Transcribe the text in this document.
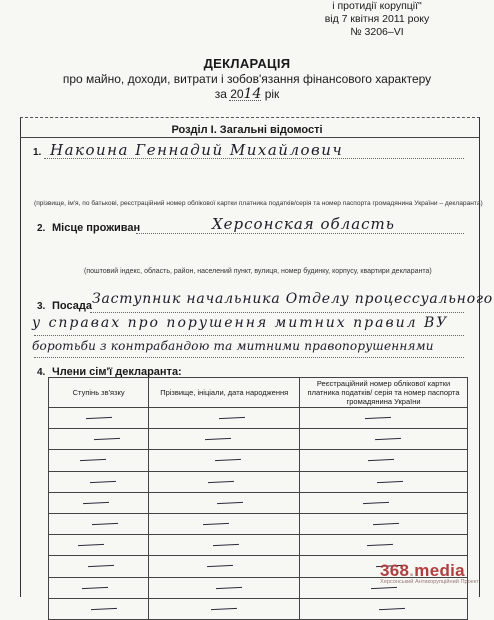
і протидії корупції"
від 7 квітня 2011 року
№ 3206–VI
ДЕКЛАРАЦІЯ
про майно, доходи, витрати і зобов'язання фінансового характеру
за 2014 рік
Розділ І. Загальні відомості
1. Накоина Геннадий Михайлович
(прізвище, ім'я, по батькові, реєстраційний номер облікової картки платника податків/серія та номер паспорта громадянина України – декларанта)
2. Місце проживан	Херсонская область
(поштовий індекс, область, район, населений пункт, вулиця, номер будинку, корпусу, квартири декларанта)
3. Посада Заступник начальника Отделу процессуального
у справах про порушення митних правил ВУ
боротьби з контрабандою та митними правопорушеннями
4. Члени сім'ї декларанта:
Ступінь зв'язку	Прізвище, ініціали, дата народження	Реєстраційний номер облікової картки платника податків/ серія та номер паспорта громадянина України

368.media
Херсонський Антикорупційний Проект
